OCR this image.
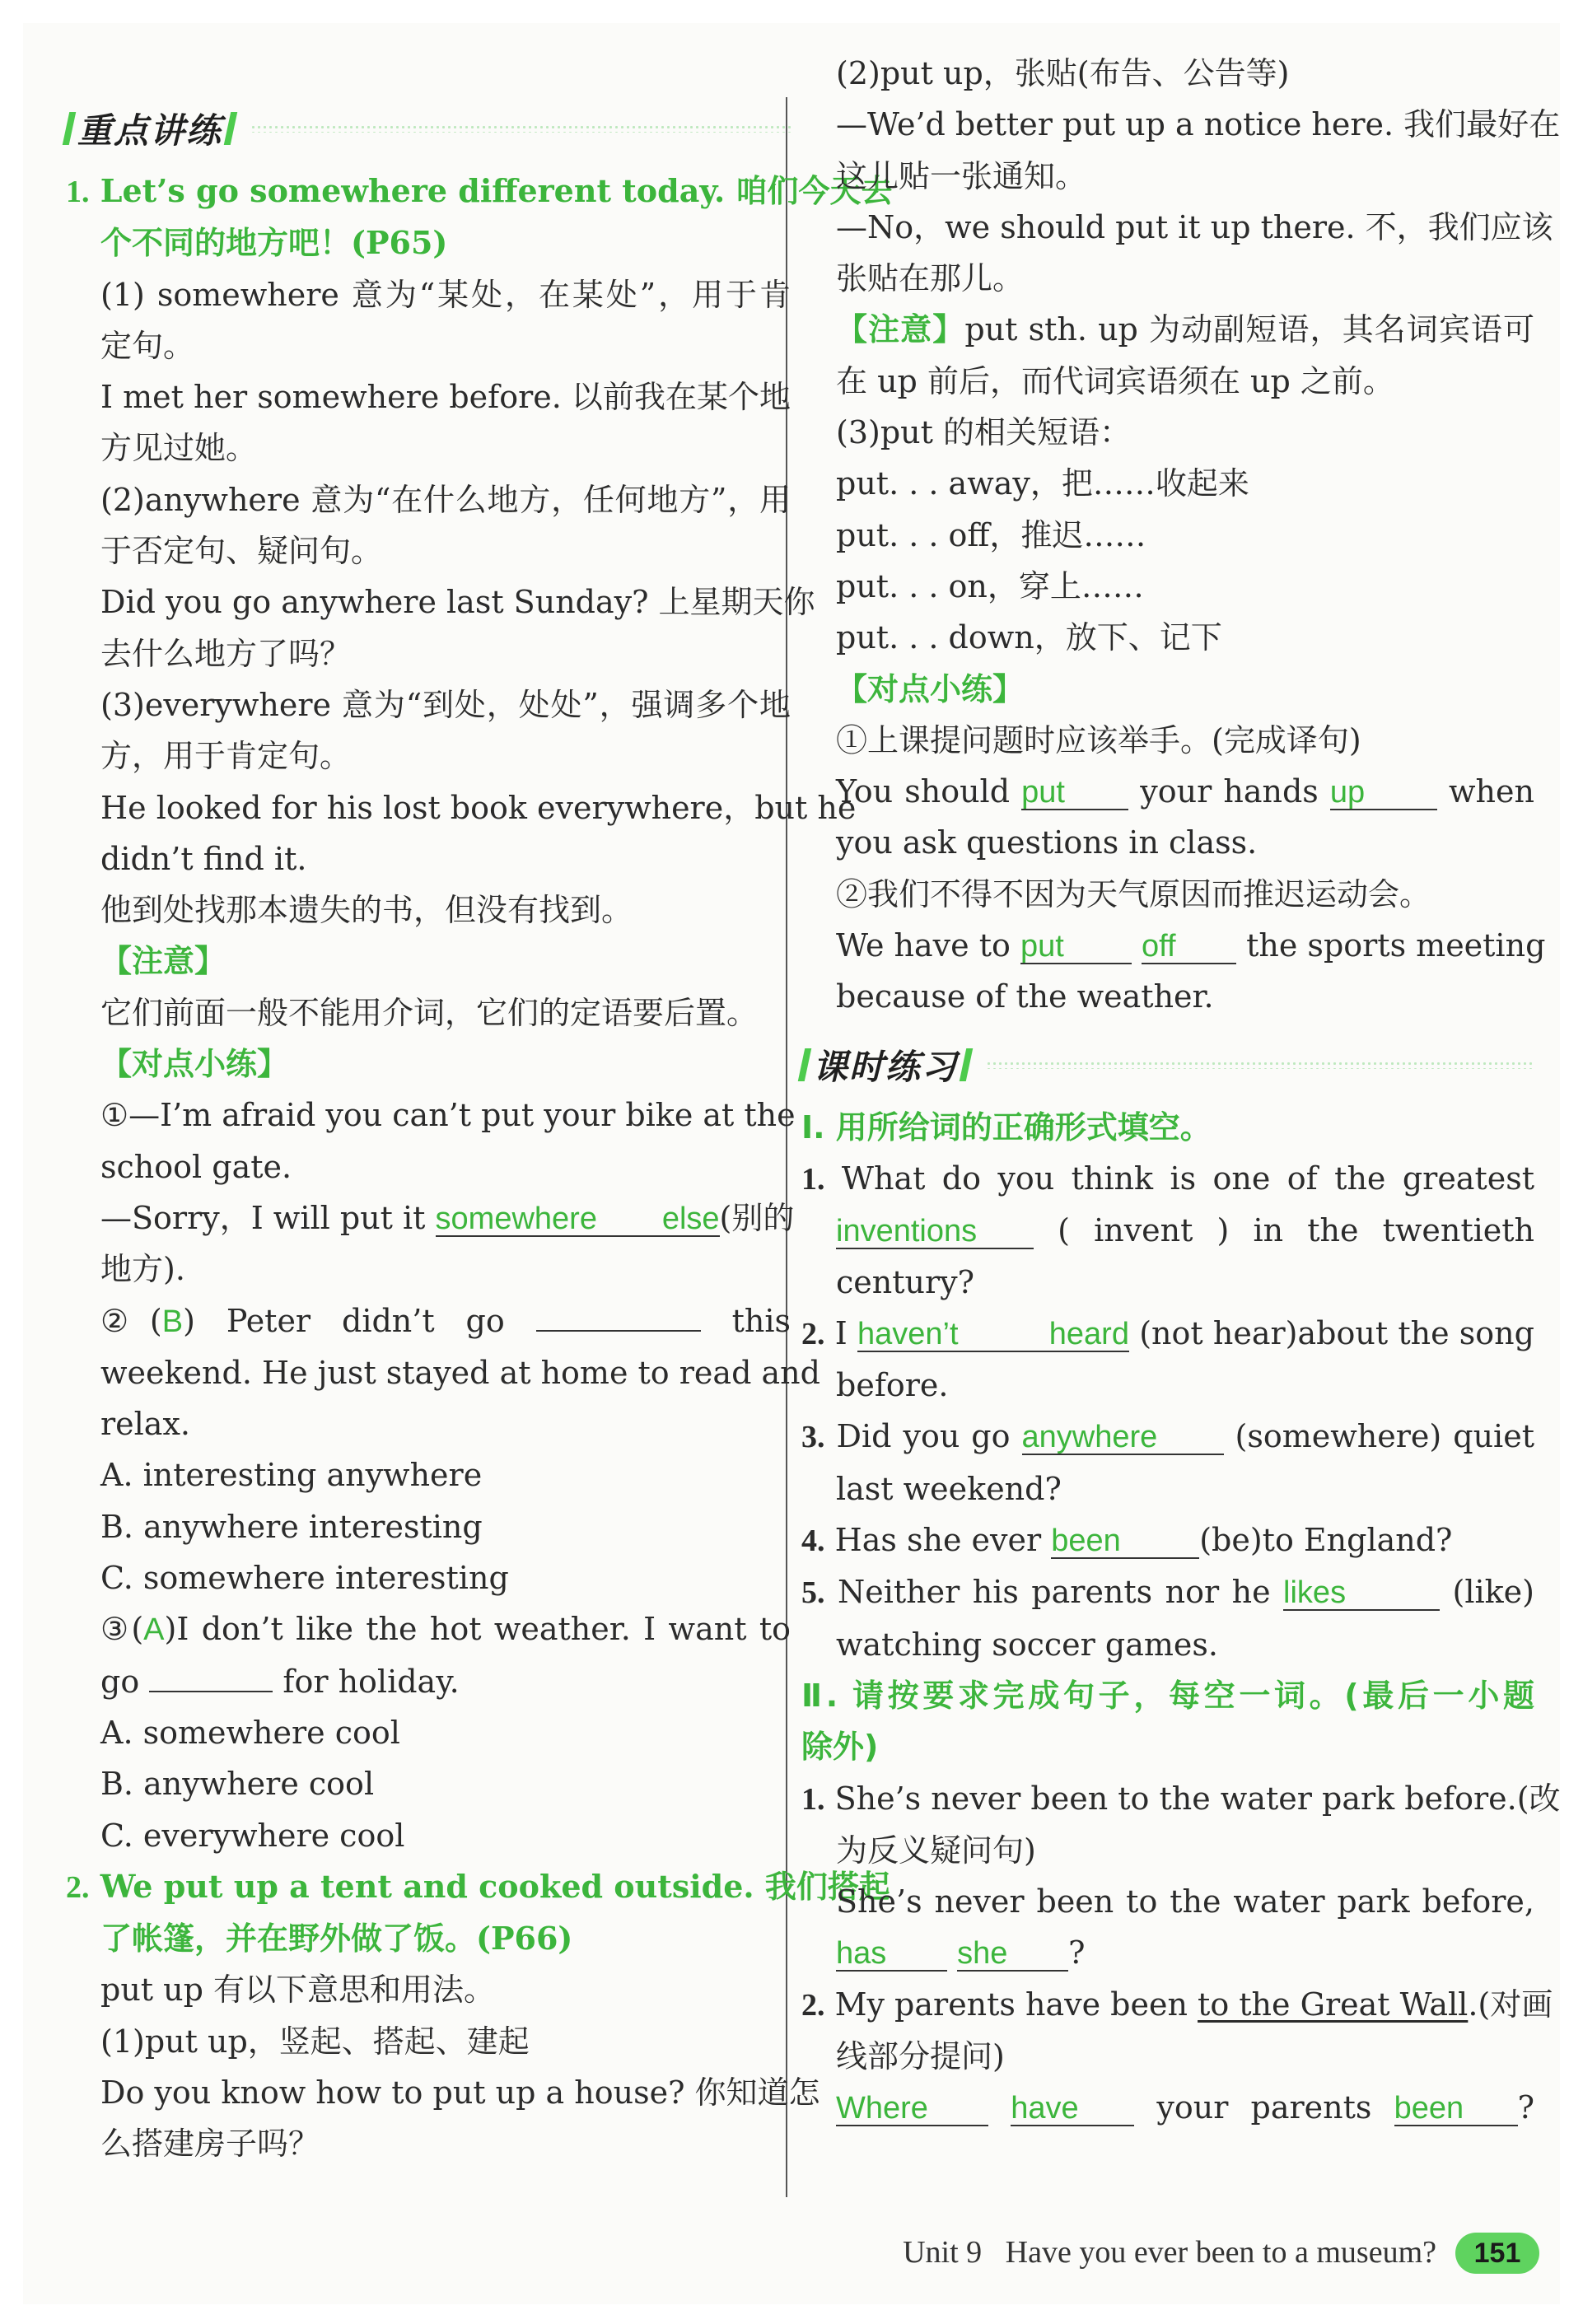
重点讲练
1. Let’s go somewhere different today. 咱们今天去
个不同的地方吧！(P65)
(1) somewhere 意为“某处，在某处”，用于肯
定句。
I met her somewhere before. 以前我在某个地
方见过她。
(2)anywhere 意为“在什么地方，任何地方”，用
于否定句、疑问句。
Did you go anywhere last Sunday? 上星期天你
去什么地方了吗？
(3)everywhere 意为“到处，处处”，强调多个地
方，用于肯定句。
He looked for his lost book everywhere，but he
didn’t find it.
他到处找那本遗失的书，但没有找到。
【注意】
它们前面一般不能用介词，它们的定语要后置。
【对点小练】
①—I’m afraid you can’t put your bike at the
school gate.
—Sorry，I will put it somewhere else(别的
地方).
②(B) Peter didn’t go	this
weekend. He just stayed at home to read and
relax.
A. interesting anywhere
B. anywhere interesting
C. somewhere interesting
③(A)I don’t like the hot weather. I want to
go	for holiday.
A. somewhere cool
B. anywhere cool
C. everywhere cool
2. We put up a tent and cooked outside. 我们搭起
了帐篷，并在野外做了饭。(P66)
put up 有以下意思和用法。
(1)put up，竖起、搭起、建起
Do you know how to put up a house? 你知道怎
么搭建房子吗？
(2)put up，张贴(布告、公告等)
—We’d better put up a notice here. 我们最好在
这儿贴一张通知。
—No，we should put it up there. 不，我们应该
张贴在那儿。
【注意】put sth. up 为动副短语，其名词宾语可
在 up 前后，而代词宾语须在 up 之前。
(3)put 的相关短语：
put. . . away，把……收起来
put. . . off，推迟……
put. . . on，穿上……
put. . . down，放下、记下
【对点小练】
①上课提问题时应该举手。(完成译句)
You should put your hands up	when
you ask questions in class.
②我们不得不因为天气原因而推迟运动会。
We have to put off the sports meeting
because of the weather.
课时练习
Ⅰ. 用所给词的正确形式填空。
1. What do you think is one of the greatest
inventions	( invent ) in the twentieth
century?
2. I haven’t heard (not hear)about the song
before.
3. Did you go anywhere (somewhere) quiet
last weekend?
4. Has she ever been	(be)to England?
5. Neither his parents nor he likes	(like)
watching soccer games.
Ⅱ. 请按要求完成句子，每空一词。(最后一小题
除外)
1. She’s never been to the water park before.(改
为反义疑问句)
She’s never been to the water park before,
has she ?
2. My parents have been to the Great Wall.(对画
线部分提问)
Where	have your parents been ?
Unit 9 Have you ever been to a museum?	151
